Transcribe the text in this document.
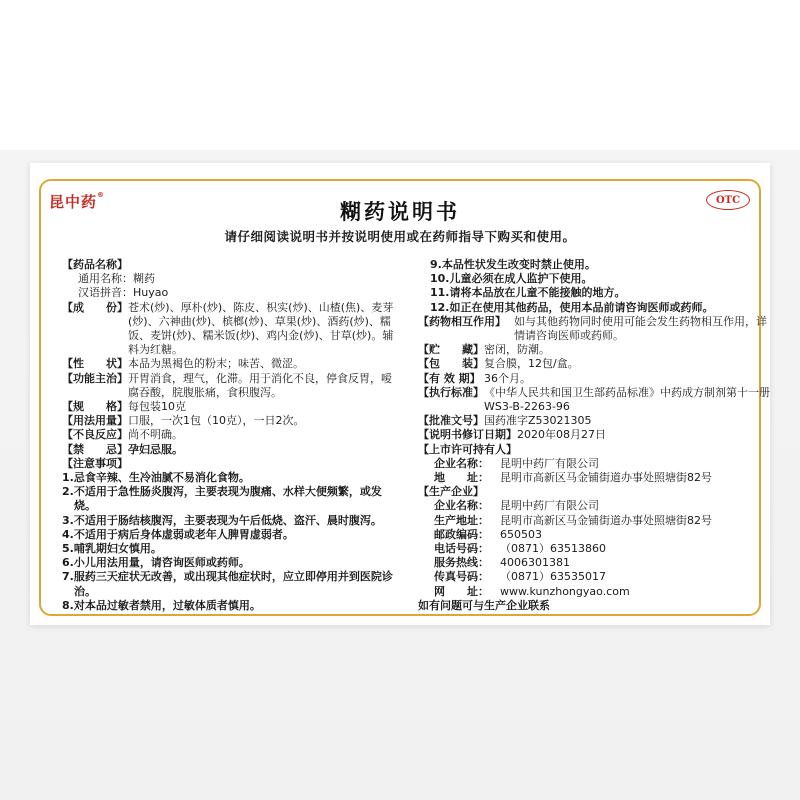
昆中药®	OTC
糊药说明书
请仔细阅读说明书并按说明使用或在药师指导下购买和使用。
【药品名称】
通用名称： 糊药
汉语拼音： Huyao
【成　　份】 苍术(炒)、厚朴(炒)、陈皮、枳实(炒)、山楂(焦)、麦芽(炒)、六神曲(炒)、槟榔(炒)、草果(炒)、酒药(炒)、糯饭、麦饼(炒)、糯米饭(炒)、鸡内金(炒)、甘草(炒)。辅料为红糖。
【性　　状】 本品为黑褐色的粉末；味苦、微涩。
【功能主治】 开胃消食，理气，化滞。用于消化不良，停食反胃，嗳腐吞酸，脘腹胀痛，食积腹泻。
【规　　格】 每包装10克
【用法用量】 口服，一次1包（10克），一日2次。
【不良反应】 尚不明确。
【禁　　忌】 孕妇忌服。
【注意事项】
1.忌食辛辣、生冷油腻不易消化食物。
2.不适用于急性肠炎腹泻，主要表现为腹痛、水样大便频繁，或发烧。
3.不适用于肠结核腹泻，主要表现为午后低烧、盗汗、晨时腹泻。
4.不适用于病后身体虚弱或老年人脾胃虚弱者。
5.哺乳期妇女慎用。
6.小儿用法用量，请咨询医师或药师。
7.服药三天症状无改善，或出现其他症状时，应立即停用并到医院诊治。
8.对本品过敏者禁用，过敏体质者慎用。
9.本品性状发生改变时禁止使用。
10.儿童必须在成人监护下使用。
11.请将本品放在儿童不能接触的地方。
12.如正在使用其他药品，使用本品前请咨询医师或药师。
【药物相互作用】 如与其他药物同时使用可能会发生药物相互作用，详情请咨询医师或药师。
【贮　　藏】 密闭，防潮。
【包　　装】 复合膜，12包/盒。
【有 效 期】 36个月。
【执行标准】 《中华人民共和国卫生部药品标准》中药成方制剂第十一册WS3-B-2263-96
【批准文号】 国药准字Z53021305
【说明书修订日期】 2020年08月27日
【上市许可持有人】
企业名称：	昆明中药厂有限公司
地　　址：	昆明市高新区马金铺街道办事处照塘街82号
【生产企业】
企业名称：	昆明中药厂有限公司
生产地址：	昆明市高新区马金铺街道办事处照塘街82号
邮政编码：	650503
电话号码：	（0871）63513860
服务热线：	4006301381
传真号码：	（0871）63535017
网　　址：	www.kunzhongyao.com
如有问题可与生产企业联系
